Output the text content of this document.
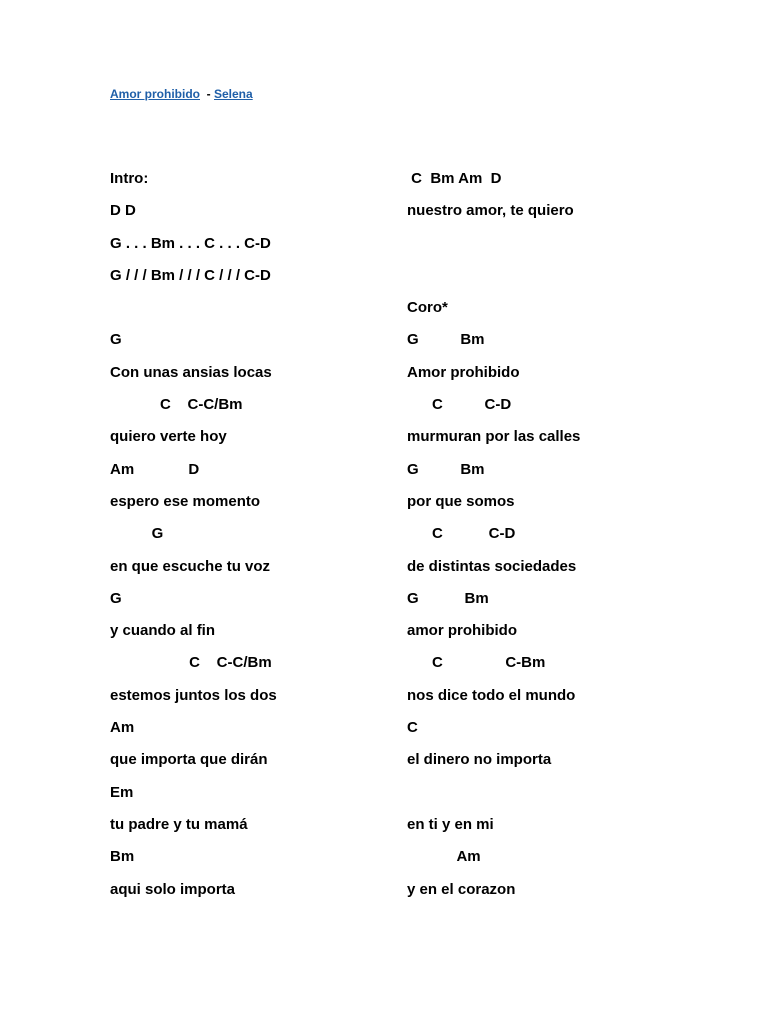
Amor prohibido  - Selena
Intro:
D D
G . . . Bm . . . C . . . C-D
G / / / Bm / / / C / / / C-D
G
Con unas ansias locas
C    C-C/Bm
quiero verte hoy
Am             D
espero ese momento
G
en que escuche tu voz
G
y cuando al fin
C    C-C/Bm
estemos juntos los dos
Am
que importa que dirán
Em
tu padre y tu mamá
Bm
aqui solo importa
C  Bm Am  D
nuestro amor, te quiero
Coro*
G          Bm
Amor prohibido
C          C-D
murmuran por las calles
G          Bm
por que somos
C           C-D
de distintas sociedades
G           Bm
amor prohibido
C               C-Bm
nos dice todo el mundo
C
el dinero no importa
en ti y en mi
Am
y en el corazon
